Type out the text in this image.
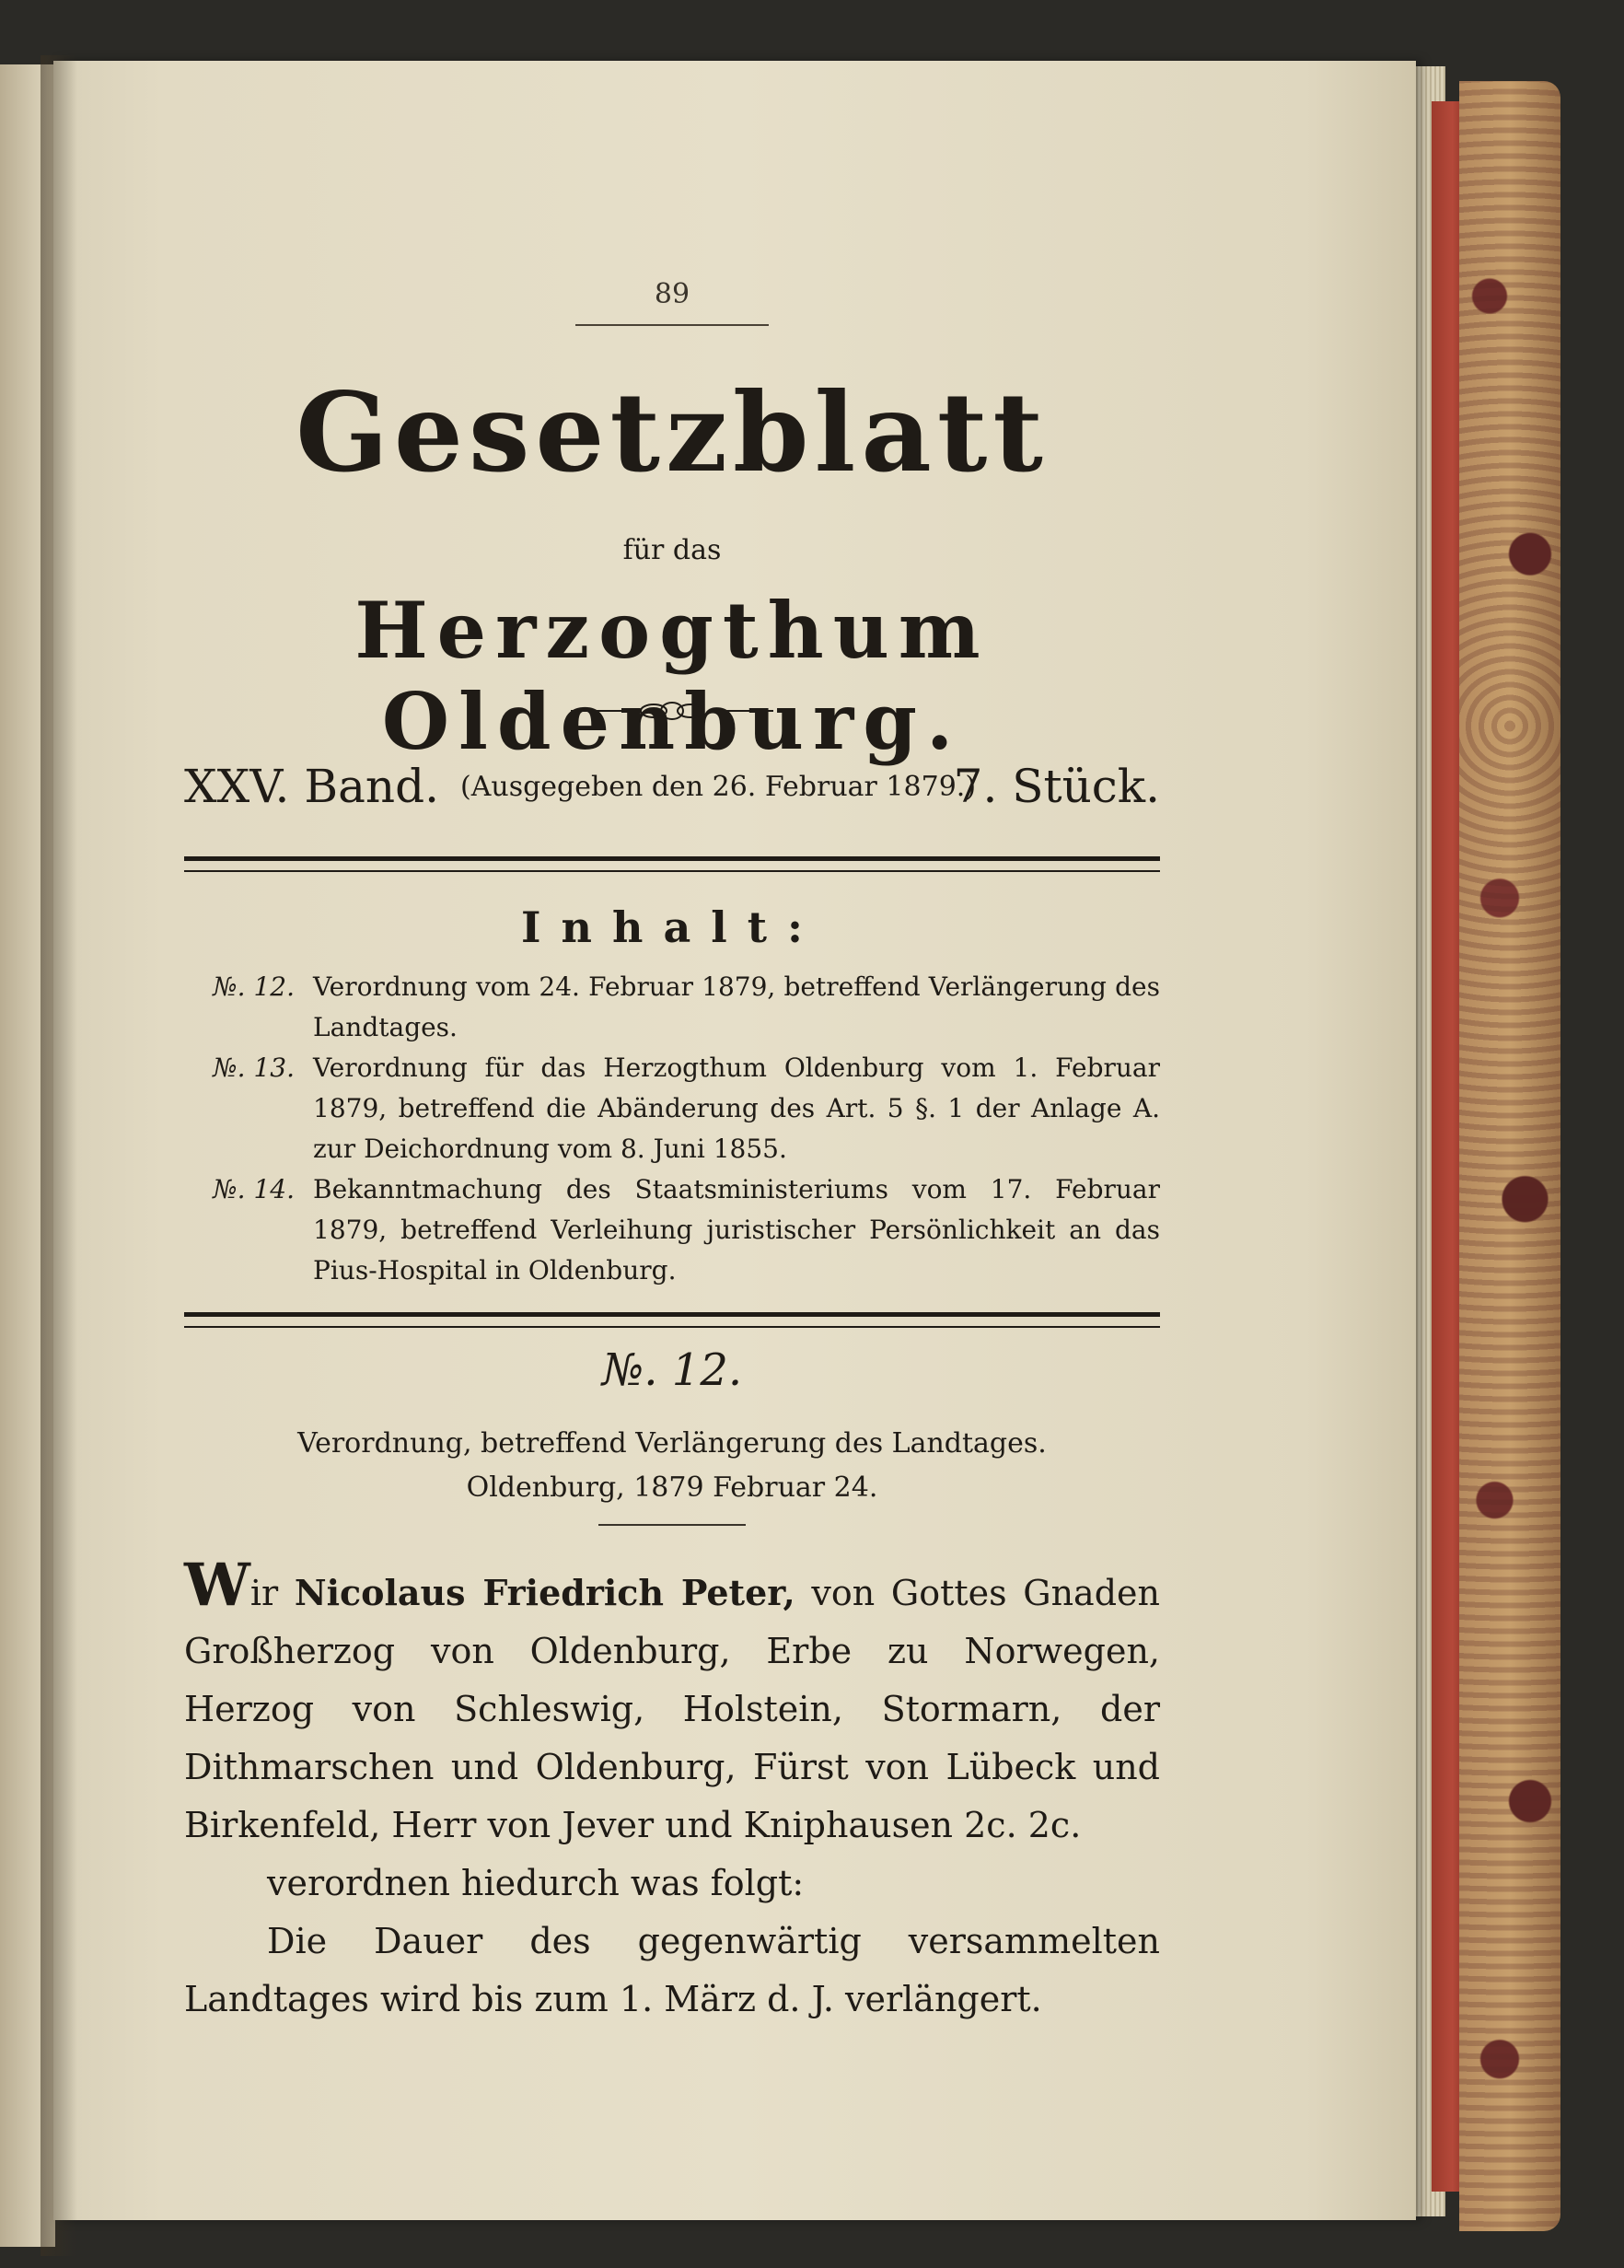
89
Gesetzblatt
für das
Herzogthum Oldenburg.
XXV. Band. (Ausgegeben den 26. Februar 1879.)
7. Stück.
Inhalt:
№. 12. Verordnung vom 24. Februar 1879, betreffend Verlängerung des Landtages.
№. 13. Verordnung für das Herzogthum Oldenburg vom 1. Februar 1879, betreffend die Abänderung des Art. 5 §. 1 der Anlage A. zur Deichordnung vom 8. Juni 1855.
№. 14. Bekanntmachung des Staatsministeriums vom 17. Februar 1879, betreffend Verleihung juristischer Persönlichkeit an das Pius-Hospital in Oldenburg.
№. 12.
Verordnung, betreffend Verlängerung des Landtages.
Oldenburg, 1879 Februar 24.

Wir Nicolaus Friedrich Peter, von Gottes Gnaden Großherzog von Oldenburg, Erbe zu Norwegen, Herzog von Schleswig, Holstein, Stormarn, der Dithmarschen und Oldenburg, Fürst von Lübeck und Birkenfeld, Herr von Jever und Kniphausen 2c. 2c.

verordnen hiedurch was folgt:

Die Dauer des gegenwärtig versammelten Landtages wird bis zum 1. März d. J. verlängert.
